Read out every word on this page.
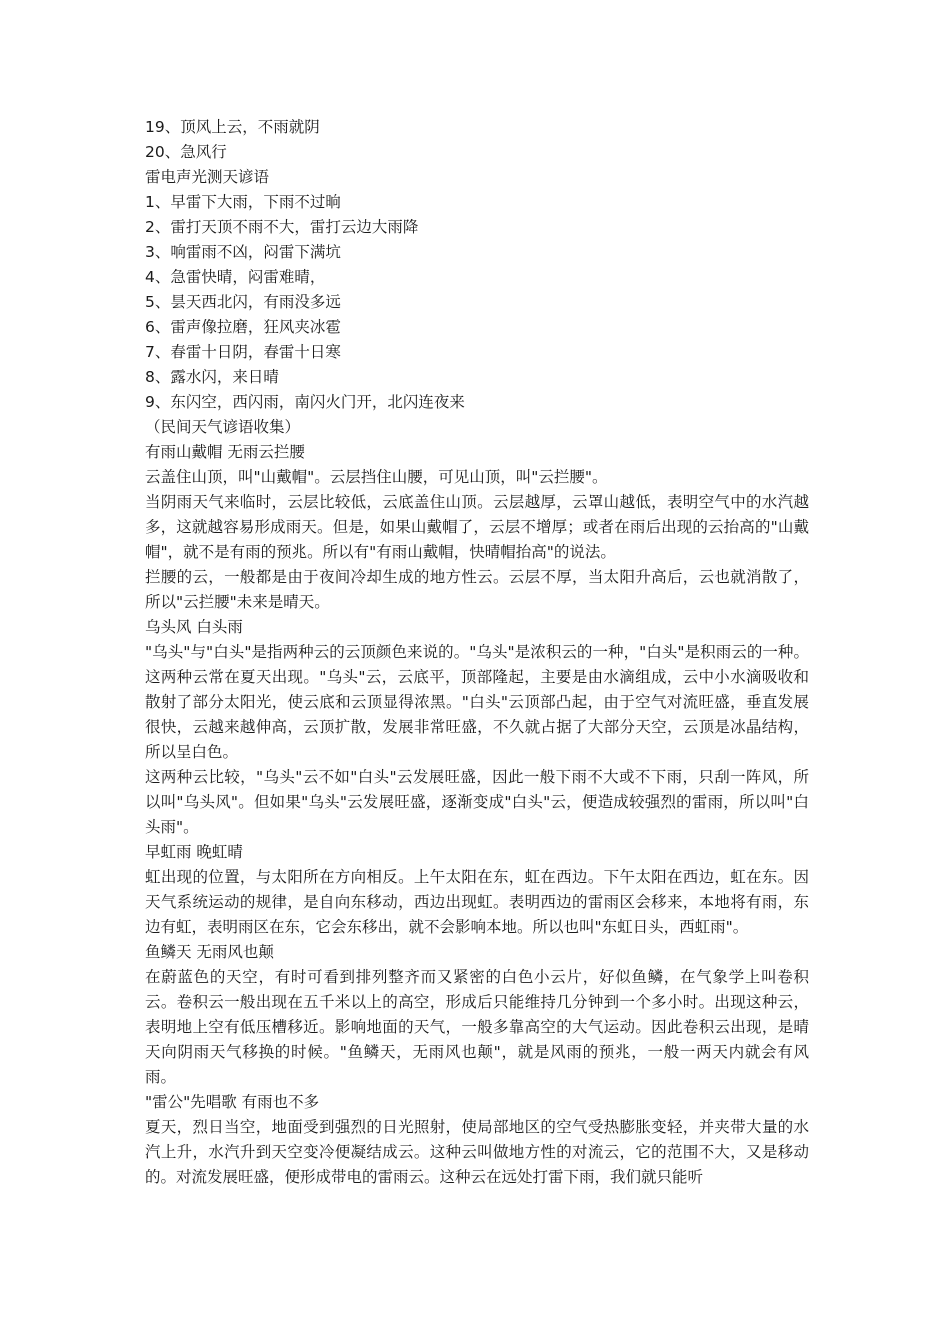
19、顶风上云，不雨就阴

20、急风行

雷电声光测天谚语

1、早雷下大雨，下雨不过晌

2、雷打天顶不雨不大，雷打云边大雨降

3、响雷雨不凶，闷雷下满坑

4、急雷快晴，闷雷难晴，

5、昙天西北闪，有雨没多远

6、雷声像拉磨，狂风夹冰雹

7、春雷十日阴，春雷十日寒

8、露水闪，来日晴

9、东闪空，西闪雨，南闪火门开，北闪连夜来

（民间天气谚语收集）

有雨山戴帽 无雨云拦腰

云盖住山顶，叫"山戴帽"。云层挡住山腰，可见山顶，叫"云拦腰"。

当阴雨天气来临时，云层比较低，云底盖住山顶。云层越厚，云罩山越低，表明空气中的水汽越多，这就越容易形成雨天。但是，如果山戴帽了，云层不增厚；或者在雨后出现的云抬高的"山戴帽"，就不是有雨的预兆。所以有"有雨山戴帽，快晴帽抬高"的说法。

拦腰的云，一般都是由于夜间冷却生成的地方性云。云层不厚，当太阳升高后，云也就消散了，所以"云拦腰"未来是晴天。

乌头风 白头雨

"乌头"与"白头"是指两种云的云顶颜色来说的。"乌头"是浓积云的一种，"白头"是积雨云的一种。这两种云常在夏天出现。"乌头"云，云底平，顶部隆起，主要是由水滴组成，云中小水滴吸收和散射了部分太阳光，使云底和云顶显得浓黑。"白头"云顶部凸起，由于空气对流旺盛，垂直发展很快，云越来越伸高，云顶扩散，发展非常旺盛，不久就占据了大部分天空，云顶是冰晶结构，所以呈白色。

这两种云比较，"乌头"云不如"白头"云发展旺盛，因此一般下雨不大或不下雨，只刮一阵风，所以叫"乌头风"。但如果"乌头"云发展旺盛，逐渐变成"白头"云，便造成较强烈的雷雨，所以叫"白头雨"。

早虹雨 晚虹晴

虹出现的位置，与太阳所在方向相反。上午太阳在东，虹在西边。下午太阳在西边，虹在东。因天气系统运动的规律，是自向东移动，西边出现虹。表明西边的雷雨区会移来，本地将有雨，东边有虹，表明雨区在东，它会东移出，就不会影响本地。所以也叫"东虹日头，西虹雨"。

鱼鳞天 无雨风也颠

在蔚蓝色的天空，有时可看到排列整齐而又紧密的白色小云片，好似鱼鳞，在气象学上叫卷积云。卷积云一般出现在五千米以上的高空，形成后只能维持几分钟到一个多小时。出现这种云，表明地上空有低压槽移近。影响地面的天气，一般多靠高空的大气运动。因此卷积云出现，是晴天向阴雨天气移换的时候。"鱼鳞天，无雨风也颠"，就是风雨的预兆，一般一两天内就会有风雨。

"雷公"先唱歌 有雨也不多

夏天，烈日当空，地面受到强烈的日光照射，使局部地区的空气受热膨胀变轻，并夹带大量的水汽上升，水汽升到天空变冷便凝结成云。这种云叫做地方性的对流云，它的范围不大，又是移动的。对流发展旺盛，便形成带电的雷雨云。这种云在远处打雷下雨，我们就只能听
